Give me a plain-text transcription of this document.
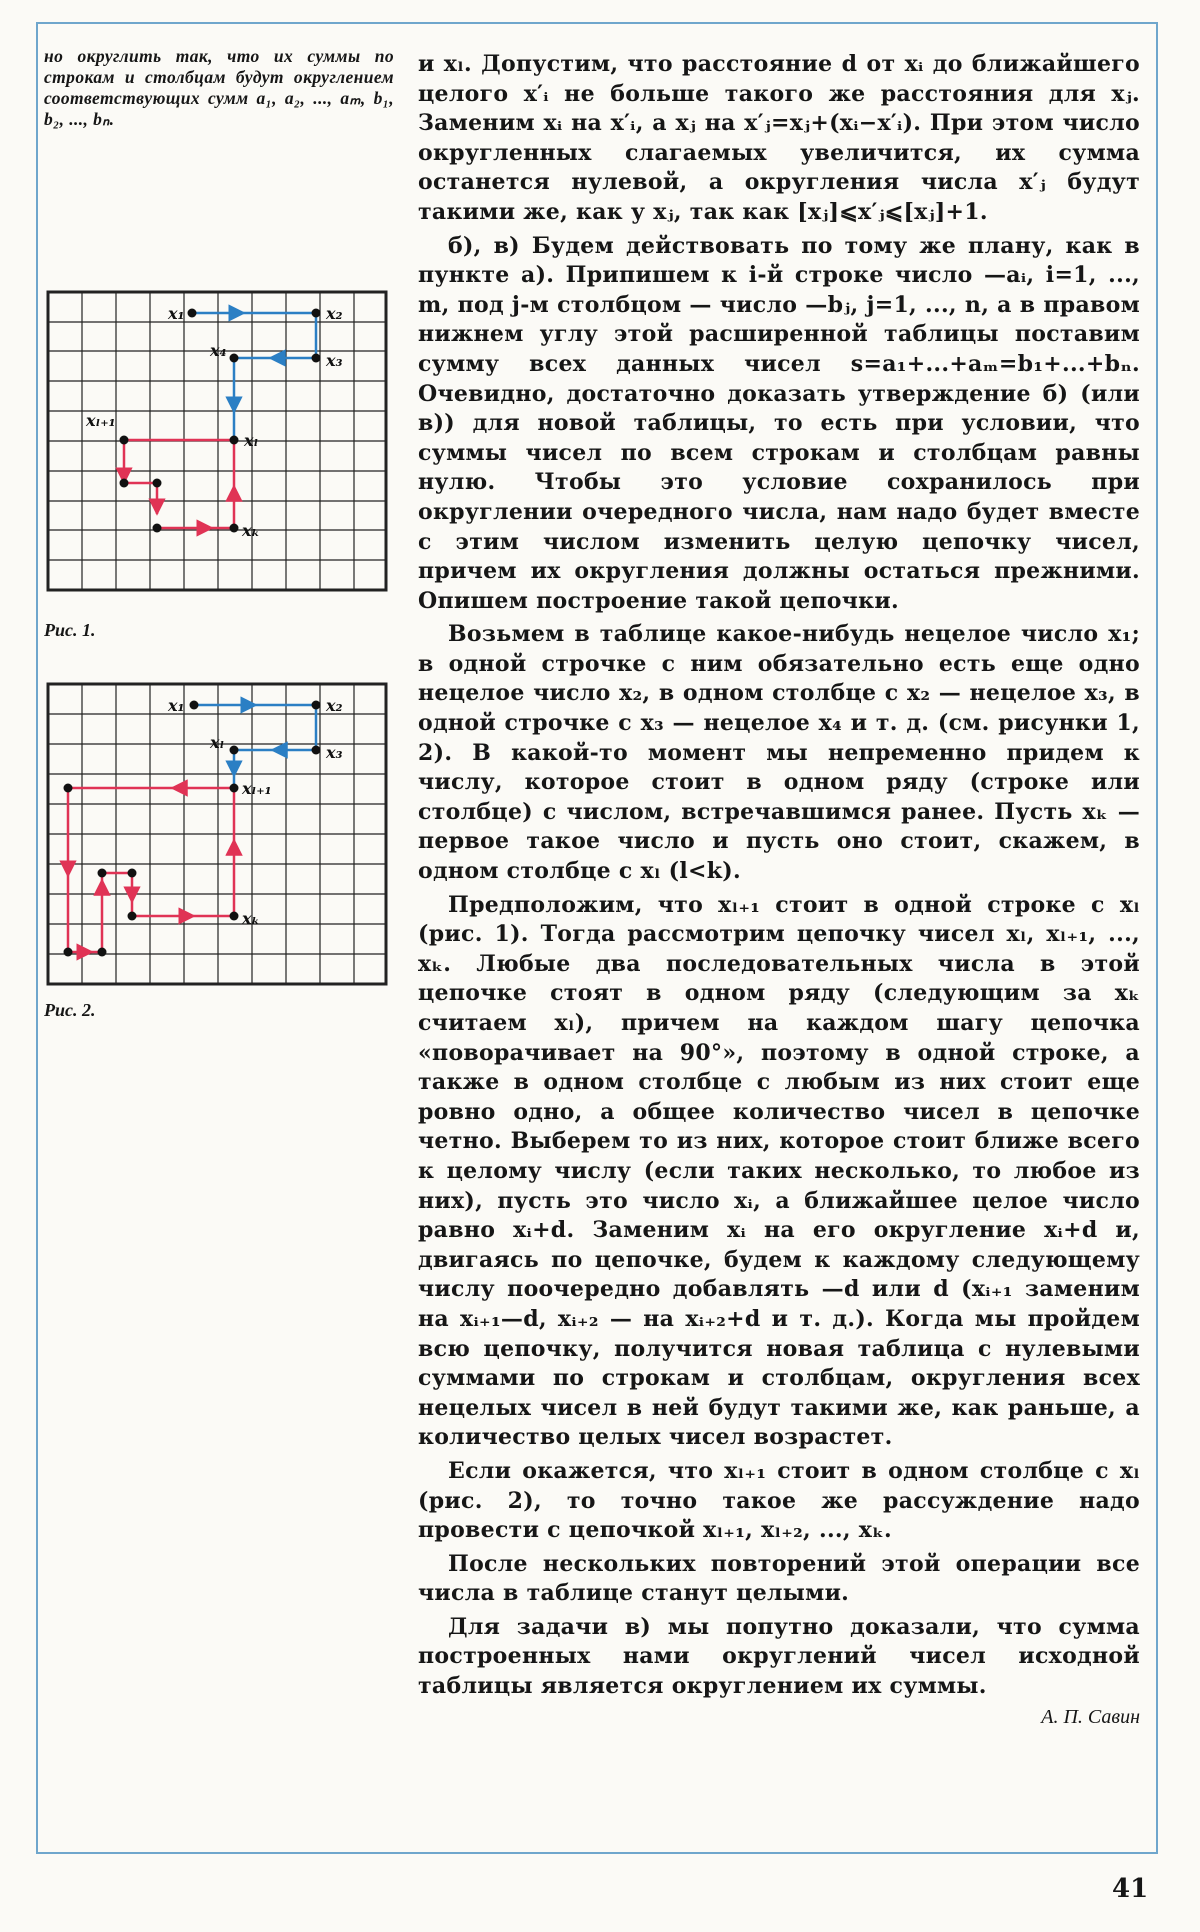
но округлить так, что их суммы по строкам и столбцам будут округлением соответствующих сумм a₁, a₂, ..., aₘ, b₁, b₂, ..., bₙ.

x₁	x₂
x₃
x₄
xₗ
xₗ₊₁
xₖ

Рис. 1.

x₁	x₂
x₃
xₗ
xₗ₊₁
xₖ

Рис. 2.

и xₗ. Допустим, что расстояние d от xᵢ до ближайшего целого x′ᵢ не больше такого же расстояния для xⱼ. Заменим xᵢ на x′ᵢ, а xⱼ на x′ⱼ=xⱼ+(xᵢ−x′ᵢ). При этом число округленных слагаемых увеличится, их сумма останется нулевой, а округления числа x′ⱼ будут такими же, как у xⱼ, так как [xⱼ]⩽x′ⱼ⩽[xⱼ]+1.

б), в) Будем действовать по тому же плану, как в пункте а). Припишем к i-й строке число —aᵢ, i=1, ..., m, под j-м столбцом — число —bⱼ, j=1, ..., n, а в правом нижнем углу этой расширенной таблицы поставим сумму всех данных чисел s=a₁+...+aₘ=b₁+...+bₙ. Очевидно, достаточно доказать утверждение б) (или в)) для новой таблицы, то есть при условии, что суммы чисел по всем строкам и столбцам равны нулю. Чтобы это условие сохранилось при округлении очередного числа, нам надо будет вместе с этим числом изменить целую цепочку чисел, причем их округления должны остаться прежними. Опишем построение такой цепочки.

Возьмем в таблице какое-нибудь нецелое число x₁; в одной строчке с ним обязательно есть еще одно нецелое число x₂, в одном столбце с x₂ — нецелое x₃, в одной строчке с x₃ — нецелое x₄ и т. д. (см. рисунки 1, 2). В какой-то момент мы непременно придем к числу, которое стоит в одном ряду (строке или столбце) с числом, встречавшимся ранее. Пусть xₖ — первое такое число и пусть оно стоит, скажем, в одном столбце с xₗ (l<k).

Предположим, что xₗ₊₁ стоит в одной строке с xₗ (рис. 1). Тогда рассмотрим цепочку чисел xₗ, xₗ₊₁, ..., xₖ. Любые два последовательных числа в этой цепочке стоят в одном ряду (следующим за xₖ считаем xₗ), причем на каждом шагу цепочка «поворачивает на 90°», поэтому в одной строке, а также в одном столбце с любым из них стоит еще ровно одно, а общее количество чисел в цепочке четно. Выберем то из них, которое стоит ближе всего к целому числу (если таких несколько, то любое из них), пусть это число xᵢ, а ближайшее целое число равно xᵢ+d. Заменим xᵢ на его округление xᵢ+d и, двигаясь по цепочке, будем к каждому следующему числу поочередно добавлять —d или d (xᵢ₊₁ заменим на xᵢ₊₁—d, xᵢ₊₂ — на xᵢ₊₂+d и т. д.). Когда мы пройдем всю цепочку, получится новая таблица с нулевыми суммами по строкам и столбцам, округления всех нецелых чисел в ней будут такими же, как раньше, а количество целых чисел возрастет.

Если окажется, что xₗ₊₁ стоит в одном столбце с xₗ (рис. 2), то точно такое же рассуждение надо провести с цепочкой xₗ₊₁, xₗ₊₂, ..., xₖ.

После нескольких повторений этой операции все числа в таблице станут целыми.

Для задачи в) мы попутно доказали, что сумма построенных нами округлений чисел исходной таблицы является округлением их суммы.

А. П. Савин

41
